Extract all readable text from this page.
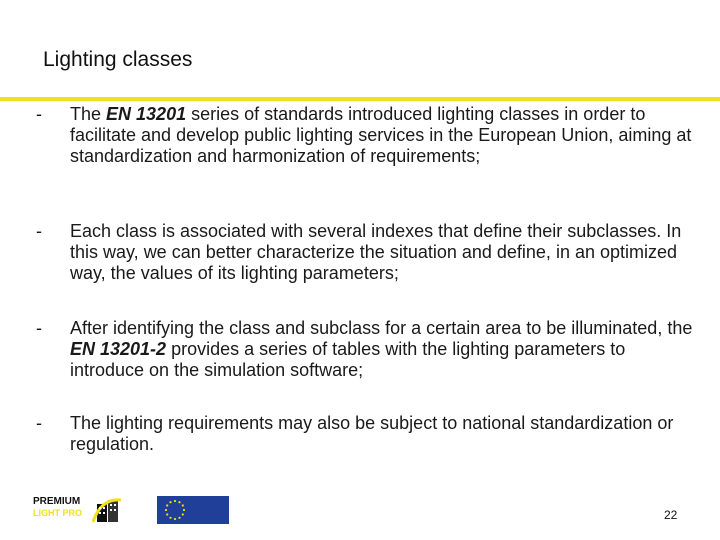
Lighting classes
- The EN 13201 series of standards introduced lighting classes in order to facilitate and develop public lighting services in the European Union, aiming at standardization and harmonization of requirements;
- Each class is associated with several indexes that define their subclasses. In this way, we can better characterize the situation and define, in an optimized way, the values of its lighting parameters;
- After identifying the class and subclass for a certain area to be illuminated, the EN 13201-2 provides a series of tables with the lighting parameters to introduce on the simulation software;
- The lighting requirements may also be subject to national standardization or regulation.
PREMIUM
LIGHT PRO	22
